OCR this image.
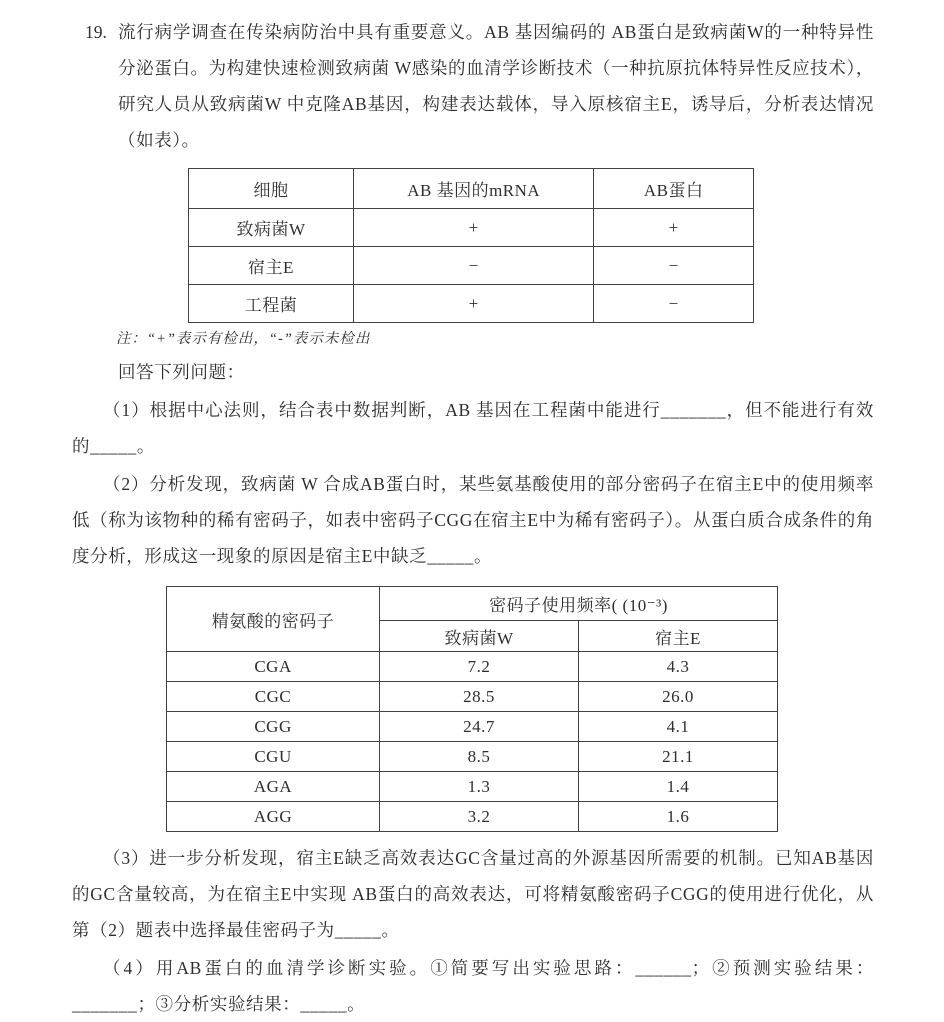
19. 流行病学调查在传染病防治中具有重要意义。AB 基因编码的 AB蛋白是致病菌W的一种特异性分泌蛋白。为构建快速检测致病菌 W感染的血清学诊断技术（一种抗原抗体特异性反应技术），研究人员从致病菌W 中克隆AB基因，构建表达载体，导入原核宿主E，诱导后，分析表达情况（如表）。

细胞	AB 基因的mRNA	AB蛋白
致病菌W	+	+
宿主E	−	−
工程菌	+	−

注：“+”表示有检出，“-”表示未检出

回答下列问题：

（1）根据中心法则，结合表中数据判断，AB 基因在工程菌中能进行_______，但不能进行有效的_____。

（2）分析发现，致病菌 W 合成AB蛋白时，某些氨基酸使用的部分密码子在宿主E中的使用频率低（称为该物种的稀有密码子，如表中密码子CGG在宿主E中为稀有密码子）。从蛋白质合成条件的角度分析，形成这一现象的原因是宿主E中缺乏_____。

精氨酸的密码子	密码子使用频率( (10⁻³)	
	致病菌W	宿主E
CGA	7.2	4.3
CGC	28.5	26.0
CGG	24.7	4.1
CGU	8.5	21.1
AGA	1.3	1.4
AGG	3.2	1.6

（3）进一步分析发现，宿主E缺乏高效表达GC含量过高的外源基因所需要的机制。已知AB基因的GC含量较高，为在宿主E中实现 AB蛋白的高效表达，可将精氨酸密码子CGG的使用进行优化，从第（2）题表中选择最佳密码子为_____。

（4）用AB蛋白的血清学诊断实验。①简要写出实验思路：______；②预测实验结果：_______；③分析实验结果：_____。
